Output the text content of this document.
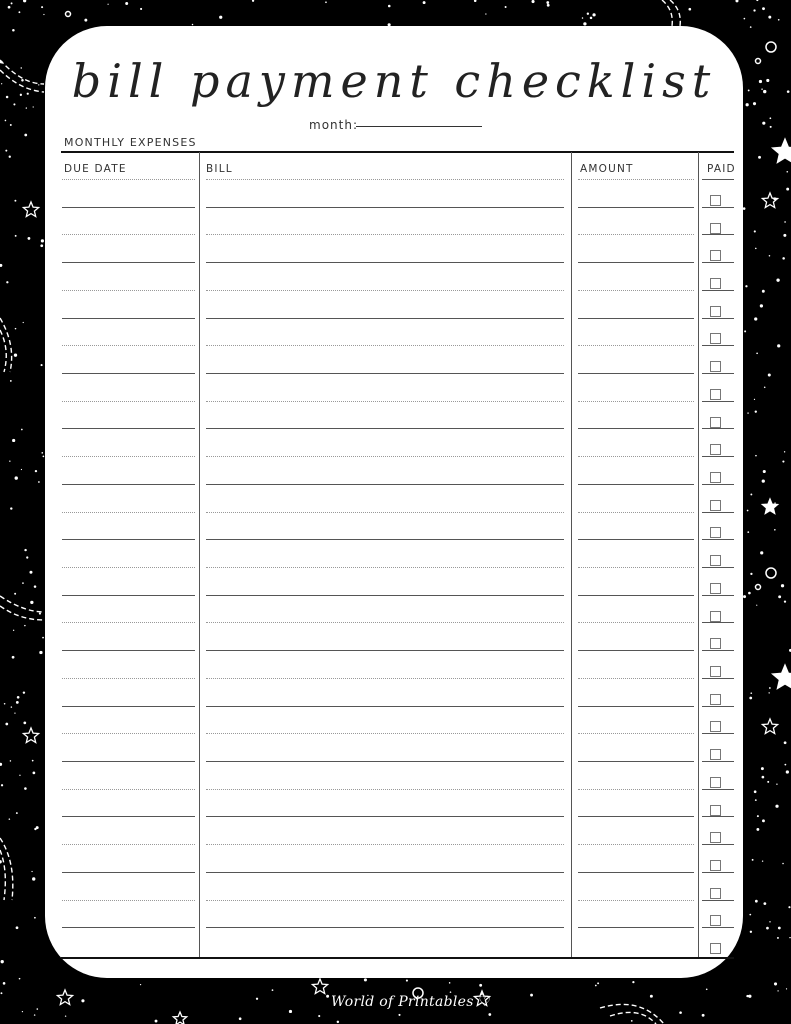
bill payment checklist
month:
MONTHLY EXPENSES
DUE DATE	BILL	AMOUNT	PAID
World of Printables ♡
